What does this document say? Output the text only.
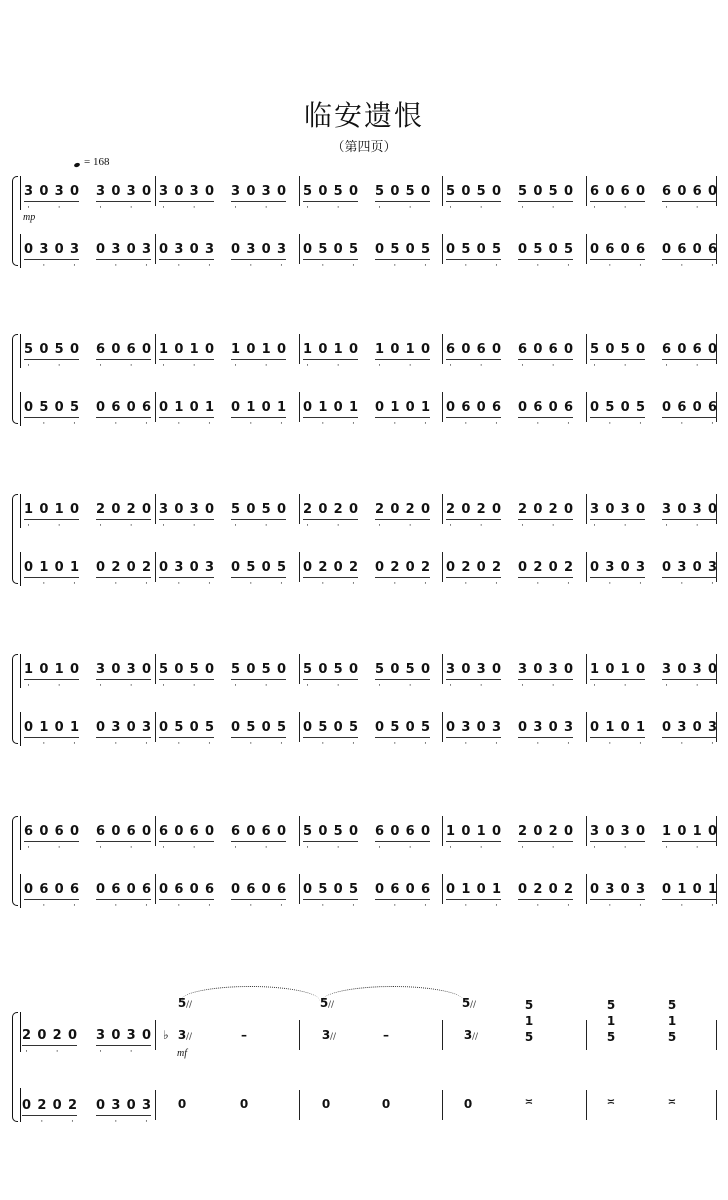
临安遗恨
（第四页）
= 168
3 0 3 0
·	·
3 0 3 0
·	·
3 0 3 0
·	·
3 0 3 0
·	·
5 0 5 0
·	·
5 0 5 0
·	·
5 0 5 0
·	·
5 0 5 0
·	·
6 0 6 0
·	·
6 0 6 0
·	·
0 3 0 3
·	·
0 3 0 3
·	·
0 3 0 3
·	·
0 3 0 3
·	·
0 5 0 5
·	·
0 5 0 5
·	·
0 5 0 5
·	·
0 5 0 5
·	·
0 6 0 6
·	·
0 6 0 6
·	·
5 0 5 0
·	·
6 0 6 0
·	·
1 0 1 0
·	·
1 0 1 0
·	·
1 0 1 0
·	·
1 0 1 0
·	·
6 0 6 0
·	·
6 0 6 0
·	·
5 0 5 0
·	·
6 0 6 0
·	·
0 5 0 5
·	·
0 6 0 6
·	·
0 1 0 1
·	·
0 1 0 1
·	·
0 1 0 1
·	·
0 1 0 1
·	·
0 6 0 6
·	·
0 6 0 6
·	·
0 5 0 5
·	·
0 6 0 6
·	·
1 0 1 0
·	·
2 0 2 0
·	·
3 0 3 0
·	·
5 0 5 0
·	·
2 0 2 0
·	·
2 0 2 0
·	·
2 0 2 0
·	·
2 0 2 0
·	·
3 0 3 0
·	·
3 0 3 0
·	·
0 1 0 1
·	·
0 2 0 2
·	·
0 3 0 3
·	·
0 5 0 5
·	·
0 2 0 2
·	·
0 2 0 2
·	·
0 2 0 2
·	·
0 2 0 2
·	·
0 3 0 3
·	·
0 3 0 3
·	·
1 0 1 0
·	·
3 0 3 0
·	·
5 0 5 0
·	·
5 0 5 0
·	·
5 0 5 0
·	·
5 0 5 0
·	·
3 0 3 0
·	·
3 0 3 0
·	·
1 0 1 0
·	·
3 0 3 0
·	·
0 1 0 1
·	·
0 3 0 3
·	·
0 5 0 5
·	·
0 5 0 5
·	·
0 5 0 5
·	·
0 5 0 5
·	·
0 3 0 3
·	·
0 3 0 3
·	·
0 1 0 1
·	·
0 3 0 3
·	·
6 0 6 0
·	·
6 0 6 0
·	·
6 0 6 0
·	·
6 0 6 0
·	·
5 0 5 0
·	·
6 0 6 0
·	·
1 0 1 0
·	·
2 0 2 0
·	·
3 0 3 0
·	·
1 0 1 0
·	·
0 6 0 6
·	·
0 6 0 6
·	·
0 6 0 6
·	·
0 6 0 6
·	·
0 5 0 5
·	·
0 6 0 6
·	·
0 1 0 1
·	·
0 2 0 2
·	·
0 3 0 3
·	·
0 1 0 1
·	·
mp
2 0 2 0
·	·
3 0 3 0
·	·
0 2 0 2
·	·
0 3 0 3
·	·
5 //	5 //	5 //
♭ 3 //	–	3 //	–	3 //
mf
5
1
5
5
1
5
5
1
5
0	0	0	0	0	≍	≍	≍
